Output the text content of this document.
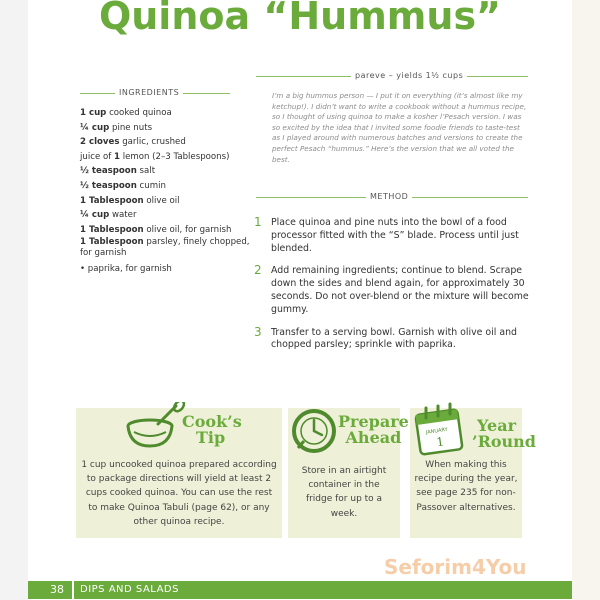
Quinoa “Hummus”
INGREDIENTS
pareve – yields 1½ cups
1 cup cooked quinoa
¼ cup pine nuts
2 cloves garlic, crushed
juice of 1 lemon (2–3 Tablespoons)
½ teaspoon salt
½ teaspoon cumin
1 Tablespoon olive oil
¼ cup water
1 Tablespoon olive oil, for garnish
1 Tablespoon parsley, finely chopped, for garnish
• paprika, for garnish
I’m a big hummus person — I put it on everything (it’s almost like my ketchup!). I didn’t want to write a cookbook without a hummus recipe, so I thought of using quinoa to make a kosher l’Pesach version. I was so excited by the idea that I invited some foodie friends to taste-test as I played around with numerous batches and versions to create the perfect Pesach “hummus.” Here’s the version that we all voted the best.
METHOD
1 Place quinoa and pine nuts into the bowl of a food processor fitted with the “S” blade. Process until just blended.
2 Add remaining ingredients; continue to blend. Scrape down the sides and blend again, for approximately 30 seconds. Do not over-blend or the mixture will become gummy.
3 Transfer to a serving bowl. Garnish with olive oil and chopped parsley; sprinkle with paprika.
Cook’s
Tip
1 cup uncooked quinoa prepared according to package directions will yield at least 2 cups cooked quinoa. You can use the rest to make Quinoa Tabuli (page 62), or any other quinoa recipe.
Prepare
Ahead
Store in an airtight container in the fridge for up to a week.
JANUARY
1
Year
’Round
When making this recipe during the year, see page 235 for non-Passover alternatives.
38 DIPS AND SALADS
Seforim4You
